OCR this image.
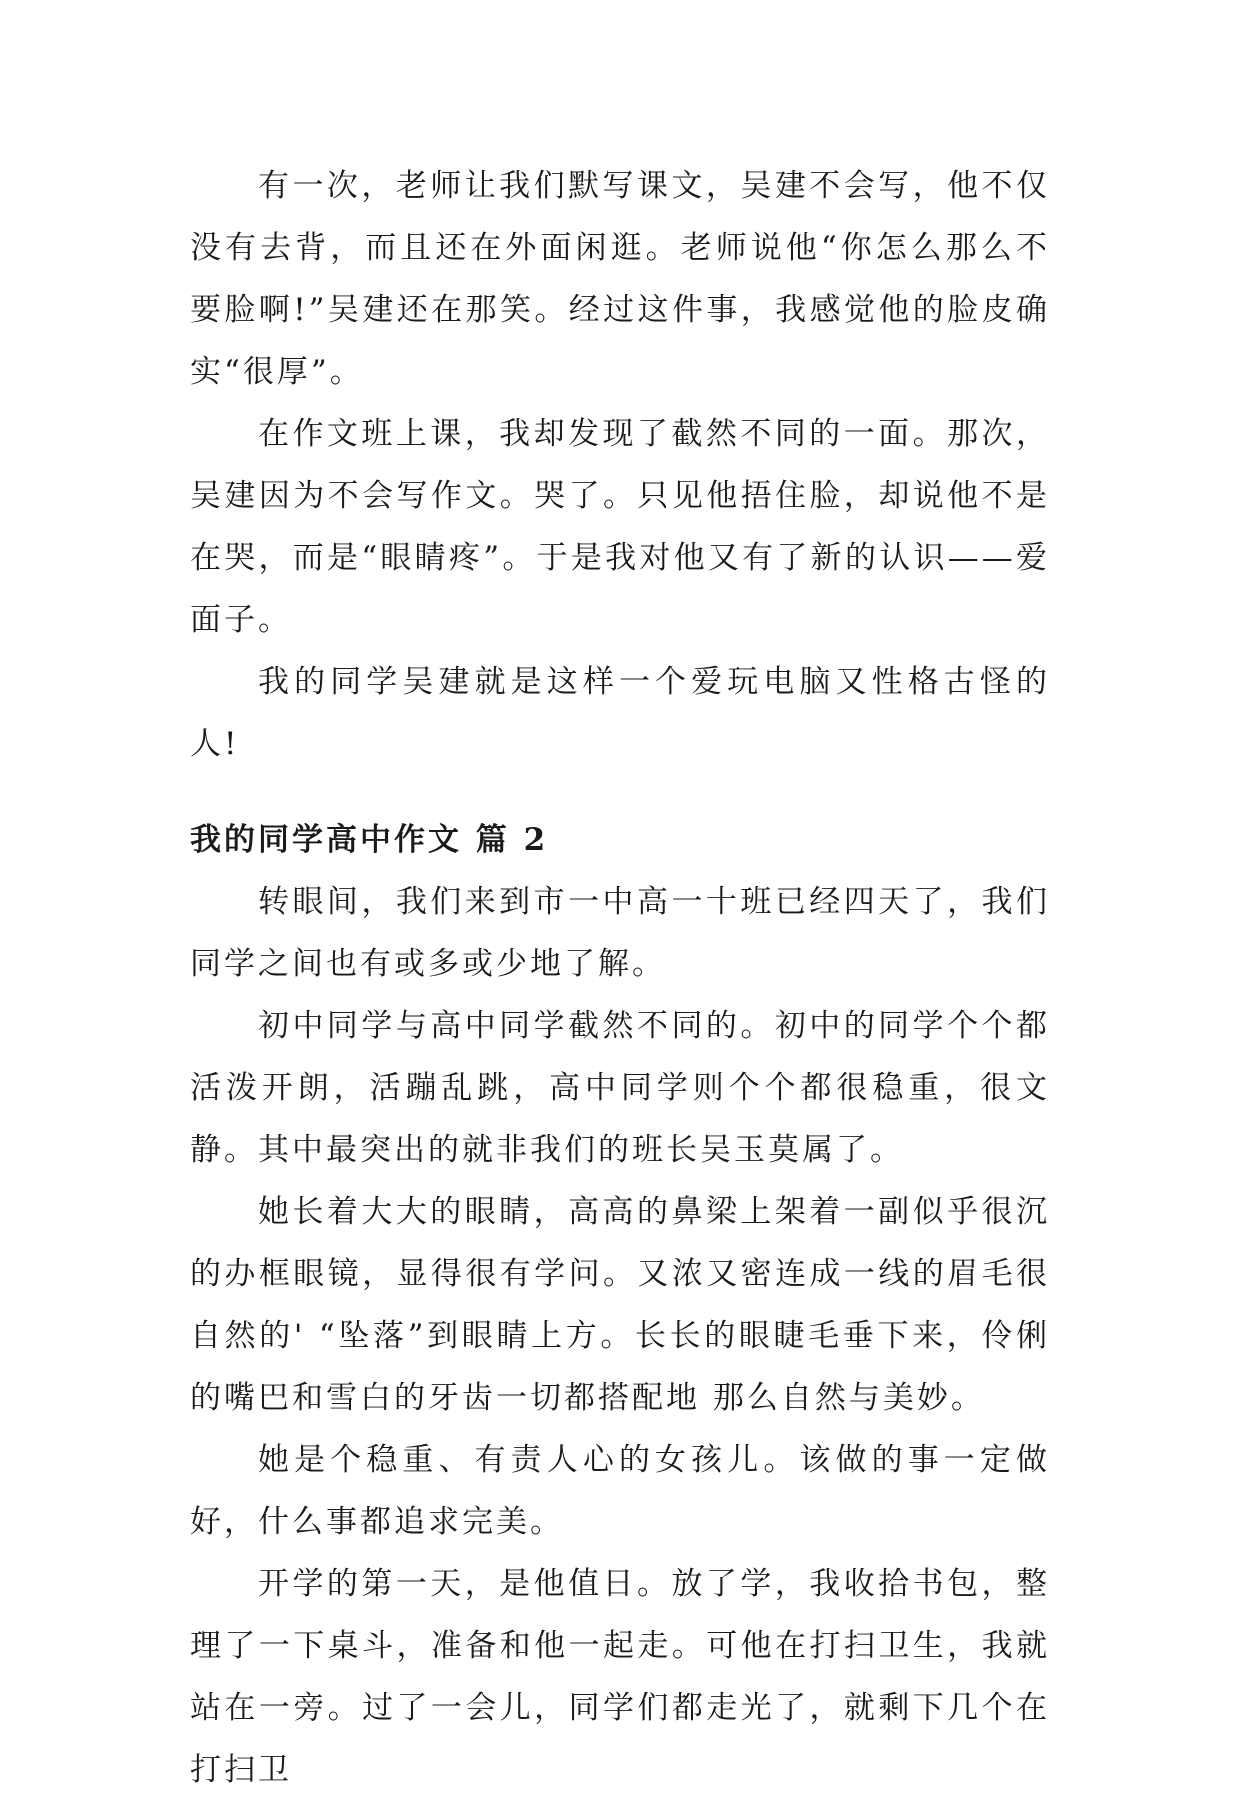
有一次，老师让我们默写课文，吴建不会写，他不仅没有去背，而且还在外面闲逛。老师说他“你怎么那么不要脸啊!”吴建还在那笑。经过这件事，我感觉他的脸皮确实“很厚”。

在作文班上课，我却发现了截然不同的一面。那次，吴建因为不会写作文。哭了。只见他捂住脸，却说他不是在哭，而是“眼睛疼”。于是我对他又有了新的认识——爱面子。

我的同学吴建就是这样一个爱玩电脑又性格古怪的人!

我的同学高中作文 篇 2

转眼间，我们来到市一中高一十班已经四天了，我们同学之间也有或多或少地了解。

初中同学与高中同学截然不同的。初中的同学个个都活泼开朗，活蹦乱跳，高中同学则个个都很稳重，很文静。其中最突出的就非我们的班长吴玉莫属了。

她长着大大的眼睛，高高的鼻梁上架着一副似乎很沉的办框眼镜，显得很有学问。又浓又密连成一线的眉毛很自然的' “坠落”到眼睛上方。长长的眼睫毛垂下来，伶俐的嘴巴和雪白的牙齿一切都搭配地 那么自然与美妙。

她是个稳重、有责人心的女孩儿。该做的事一定做好，什么事都追求完美。

开学的第一天，是他值日。放了学，我收拾书包，整理了一下桌斗，准备和他一起走。可他在打扫卫生，我就站在一旁。过了一会儿，同学们都走光了，就剩下几个在打扫卫
